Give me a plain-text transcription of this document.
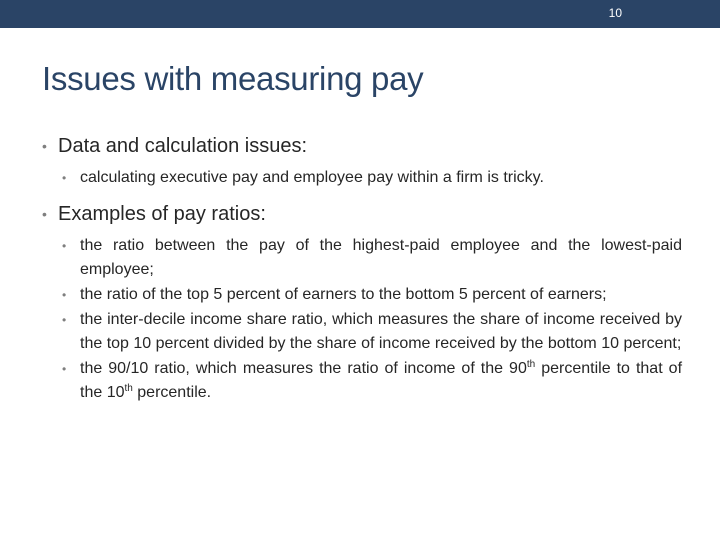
10
Issues with measuring pay
• Data and calculation issues:
• calculating executive pay and employee pay within a firm is tricky.
• Examples of pay ratios:
• the ratio between the pay of the highest-paid employee and the lowest-paid employee;
• the ratio of the top 5 percent of earners to the bottom 5 percent of earners;
• the inter-decile income share ratio, which measures the share of income received by the top 10 percent divided by the share of income received by the bottom 10 percent;
• the 90/10 ratio, which measures the ratio of income of the 90th percentile to that of the 10th percentile.
